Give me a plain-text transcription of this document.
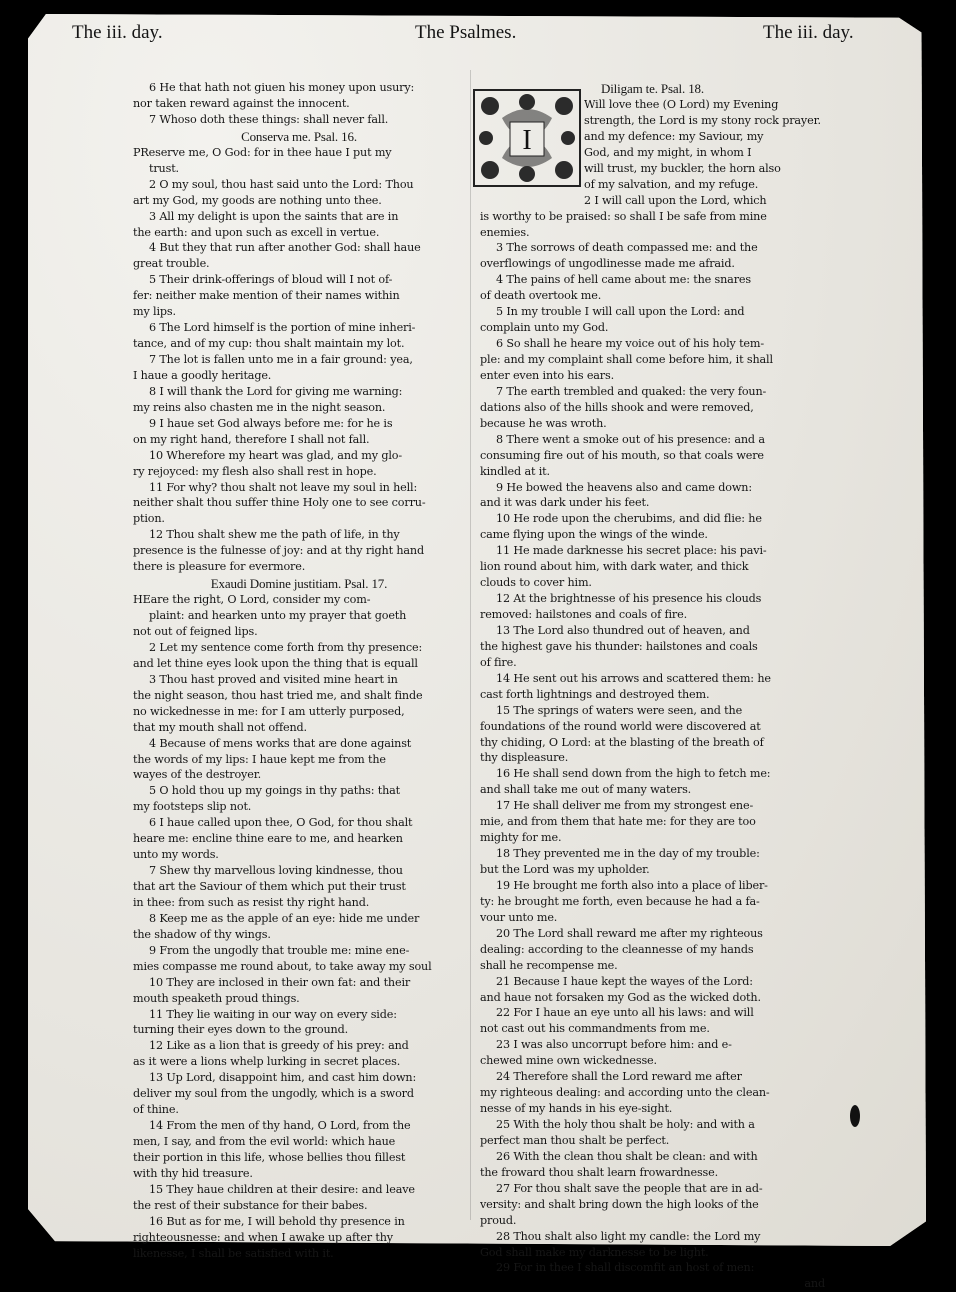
The iii. day.	The Psalmes.	The iii. day.
I
6 He that hath not giuen his money upon usury:
nor taken reward against the innocent.
7 Whoso doth these things: shall never fall.
Conserva me. Psal. 16.
PReserve me, O God: for in thee haue I put my
trust.
2 O my soul, thou hast said unto the Lord: Thou
art my God, my goods are nothing unto thee.
3 All my delight is upon the saints that are in
the earth: and upon such as excell in vertue.
4 But they that run after another God: shall haue
great trouble.
5 Their drink-offerings of bloud will I not of-
fer: neither make mention of their names within
my lips.
6 The Lord himself is the portion of mine inheri-
tance, and of my cup: thou shalt maintain my lot.
7 The lot is fallen unto me in a fair ground: yea,
I haue a goodly heritage.
8 I will thank the Lord for giving me warning:
my reins also chasten me in the night season.
9 I haue set God always before me: for he is
on my right hand, therefore I shall not fall.
10 Wherefore my heart was glad, and my glo-
ry rejoyced: my flesh also shall rest in hope.
11 For why? thou shalt not leave my soul in hell:
neither shalt thou suffer thine Holy one to see corru-
ption.
12 Thou shalt shew me the path of life, in thy
presence is the fulnesse of joy: and at thy right hand
there is pleasure for evermore.
Exaudi Domine justitiam. Psal. 17.
HEare the right, O Lord, consider my com-
plaint: and hearken unto my prayer that goeth
not out of feigned lips.
2 Let my sentence come forth from thy presence:
and let thine eyes look upon the thing that is equall
3 Thou hast proved and visited mine heart in
the night season, thou hast tried me, and shalt finde
no wickednesse in me: for I am utterly purposed,
that my mouth shall not offend.
4 Because of mens works that are done against
the words of my lips: I haue kept me from the
wayes of the destroyer.
5 O hold thou up my goings in thy paths: that
my footsteps slip not.
6 I haue called upon thee, O God, for thou shalt
heare me: encline thine eare to me, and hearken
unto my words.
7 Shew thy marvellous loving kindnesse, thou
that art the Saviour of them which put their trust
in thee: from such as resist thy right hand.
8 Keep me as the apple of an eye: hide me under
the shadow of thy wings.
9 From the ungodly that trouble me: mine ene-
mies compasse me round about, to take away my soul
10 They are inclosed in their own fat: and their
mouth speaketh proud things.
11 They lie waiting in our way on every side:
turning their eyes down to the ground.
12 Like as a lion that is greedy of his prey: and
as it were a lions whelp lurking in secret places.
13 Up Lord, disappoint him, and cast him down:
deliver my soul from the ungodly, which is a sword
of thine.
14 From the men of thy hand, O Lord, from the
men, I say, and from the evil world: which haue
their portion in this life, whose bellies thou fillest
with thy hid treasure.
15 They haue children at their desire: and leave
the rest of their substance for their babes.
16 But as for me, I will behold thy presence in
righteousnesse: and when I awake up after thy
likenesse, I shall be satisfied with it.
Diligam te. Psal. 18.
Will love thee (O Lord) my Evening
strength, the Lord is my stony rock prayer.
and my defence: my Saviour, my
God, and my might, in whom I
will trust, my buckler, the horn also
of my salvation, and my refuge.
2 I will call upon the Lord, which
is worthy to be praised: so shall I be safe from mine
enemies.
3 The sorrows of death compassed me: and the
overflowings of ungodlinesse made me afraid.
4 The pains of hell came about me: the snares
of death overtook me.
5 In my trouble I will call upon the Lord: and
complain unto my God.
6 So shall he heare my voice out of his holy tem-
ple: and my complaint shall come before him, it shall
enter even into his ears.
7 The earth trembled and quaked: the very foun-
dations also of the hills shook and were removed,
because he was wroth.
8 There went a smoke out of his presence: and a
consuming fire out of his mouth, so that coals were
kindled at it.
9 He bowed the heavens also and came down:
and it was dark under his feet.
10 He rode upon the cherubims, and did flie: he
came flying upon the wings of the winde.
11 He made darknesse his secret place: his pavi-
lion round about him, with dark water, and thick
clouds to cover him.
12 At the brightnesse of his presence his clouds
removed: hailstones and coals of fire.
13 The Lord also thundred out of heaven, and
the highest gave his thunder: hailstones and coals
of fire.
14 He sent out his arrows and scattered them: he
cast forth lightnings and destroyed them.
15 The springs of waters were seen, and the
foundations of the round world were discovered at
thy chiding, O Lord: at the blasting of the breath of
thy displeasure.
16 He shall send down from the high to fetch me:
and shall take me out of many waters.
17 He shall deliver me from my strongest ene-
mie, and from them that hate me: for they are too
mighty for me.
18 They prevented me in the day of my trouble:
but the Lord was my upholder.
19 He brought me forth also into a place of liber-
ty: he brought me forth, even because he had a fa-
vour unto me.
20 The Lord shall reward me after my righteous
dealing: according to the cleannesse of my hands
shall he recompense me.
21 Because I haue kept the wayes of the Lord:
and haue not forsaken my God as the wicked doth.
22 For I haue an eye unto all his laws: and will
not cast out his commandments from me.
23 I was also uncorrupt before him: and e-
chewed mine own wickednesse.
24 Therefore shall the Lord reward me after
my righteous dealing: and according unto the clean-
nesse of my hands in his eye-sight.
25 With the holy thou shalt be holy: and with a
perfect man thou shalt be perfect.
26 With the clean thou shalt be clean: and with
the froward thou shalt learn frowardnesse.
27 For thou shalt save the people that are in ad-
versity: and shalt bring down the high looks of the
proud.
28 Thou shalt also light my candle: the Lord my
God shall make my darknesse to be light.
29 For in thee I shall discomfit an host of men:
and
